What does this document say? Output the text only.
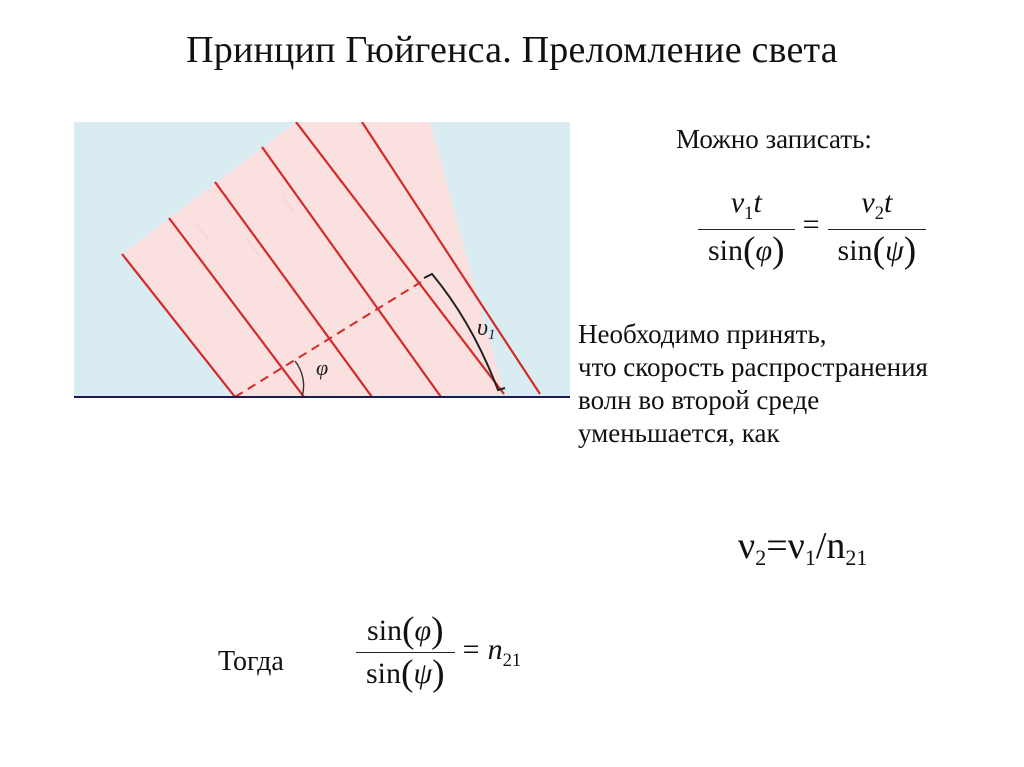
Принцип Гюйгенса. Преломление света
φ
υ1

Можно записать:

$\frac{v_1t}{\sin(\varphi)} = \frac{v_2t}{\sin(\psi)}$

Необходимо принять,
что скорость распространения
волн во второй среде
уменьшается, как

$\nu_2=\nu_1/n_{21}$

Тогда $\frac{\sin(\varphi)}{\sin(\psi)} = n_{21}$
